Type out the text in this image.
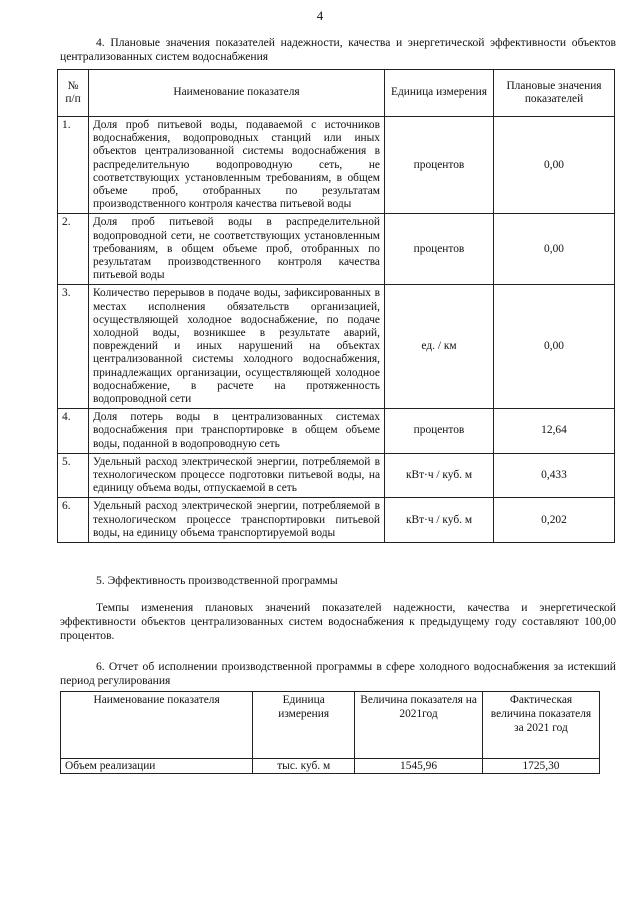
4
4. Плановые значения показателей надежности, качества и энергетической эффективности объектов централизованных систем водоснабжения
№ п/п	Наименование показателя	Единица измерения	Плановые значения показателей
1.	Доля проб питьевой воды, подаваемой с источников водоснабжения, водопроводных станций или иных объектов централизованной системы водоснабжения в распределительную водопроводную сеть, не соответствующих установленным требованиям, в общем объеме проб, отобранных по результатам производственного контроля качества питьевой воды	процентов	0,00
2.	Доля проб питьевой воды в распределительной водопроводной сети, не соответствующих установленным требованиям, в общем объеме проб, отобранных по результатам производственного контроля качества питьевой воды	процентов	0,00
3.	Количество перерывов в подаче воды, зафиксированных в местах исполнения обязательств организацией, осуществляющей холодное водоснабжение, по подаче холодной воды, возникшее в результате аварий, повреждений и иных нарушений на объектах централизованной системы холодного водоснабжения, принадлежащих организации, осуществляющей холодное водоснабжение, в расчете на протяженность водопроводной сети	ед. / км	0,00
4.	Доля потерь воды в централизованных системах водоснабжения при транспортировке в общем объеме воды, поданной в водопроводную сеть	процентов	12,64
5.	Удельный расход электрической энергии, потребляемой в технологическом процессе подготовки питьевой воды, на единицу объема воды, отпускаемой в сеть	кВт·ч / куб. м	0,433
6.	Удельный расход электрической энергии, потребляемой в технологическом процессе транспортировки питьевой воды, на единицу объема транспортируемой воды	кВт·ч / куб. м	0,202
5. Эффективность производственной программы
Темпы изменения плановых значений показателей надежности, качества и энергетической эффективности объектов централизованных систем водоснабжения к предыдущему году составляют 100,00 процентов.
6. Отчет об исполнении производственной программы в сфере холодного водоснабжения за истекший период регулирования
Наименование показателя	Единица измерения	Величина показателя на 2021год	Фактическая величина показателя за 2021 год
Объем реализации	тыс. куб. м	1545,96	1725,30
